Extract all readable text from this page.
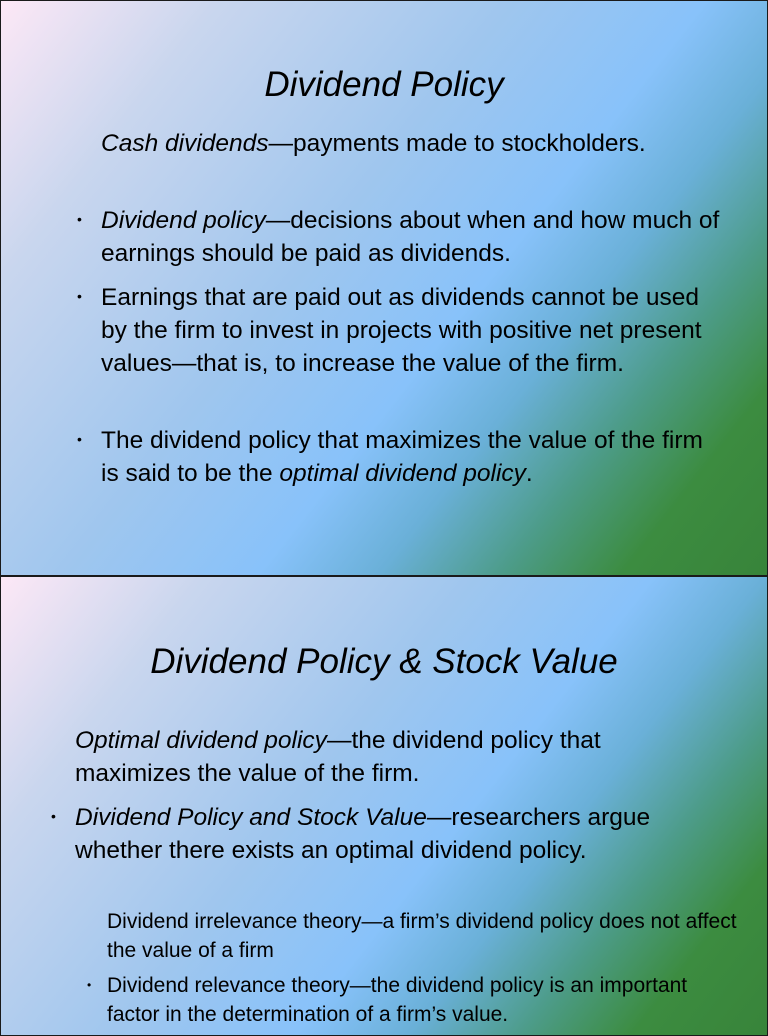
Dividend Policy

Cash dividends—payments made to stockholders.

• Dividend policy—decisions about when and how much of earnings should be paid as dividends.

• Earnings that are paid out as dividends cannot be used by the firm to invest in projects with positive net present values—that is, to increase the value of the firm.

• The dividend policy that maximizes the value of the firm is said to be the optimal dividend policy.

Dividend Policy & Stock Value

Optimal dividend policy—the dividend policy that maximizes the value of the firm.

• Dividend Policy and Stock Value—researchers argue whether there exists an optimal dividend policy.

Dividend irrelevance theory—a firm’s dividend policy does not affect the value of a firm

• Dividend relevance theory—the dividend policy is an important factor in the determination of a firm’s value.
